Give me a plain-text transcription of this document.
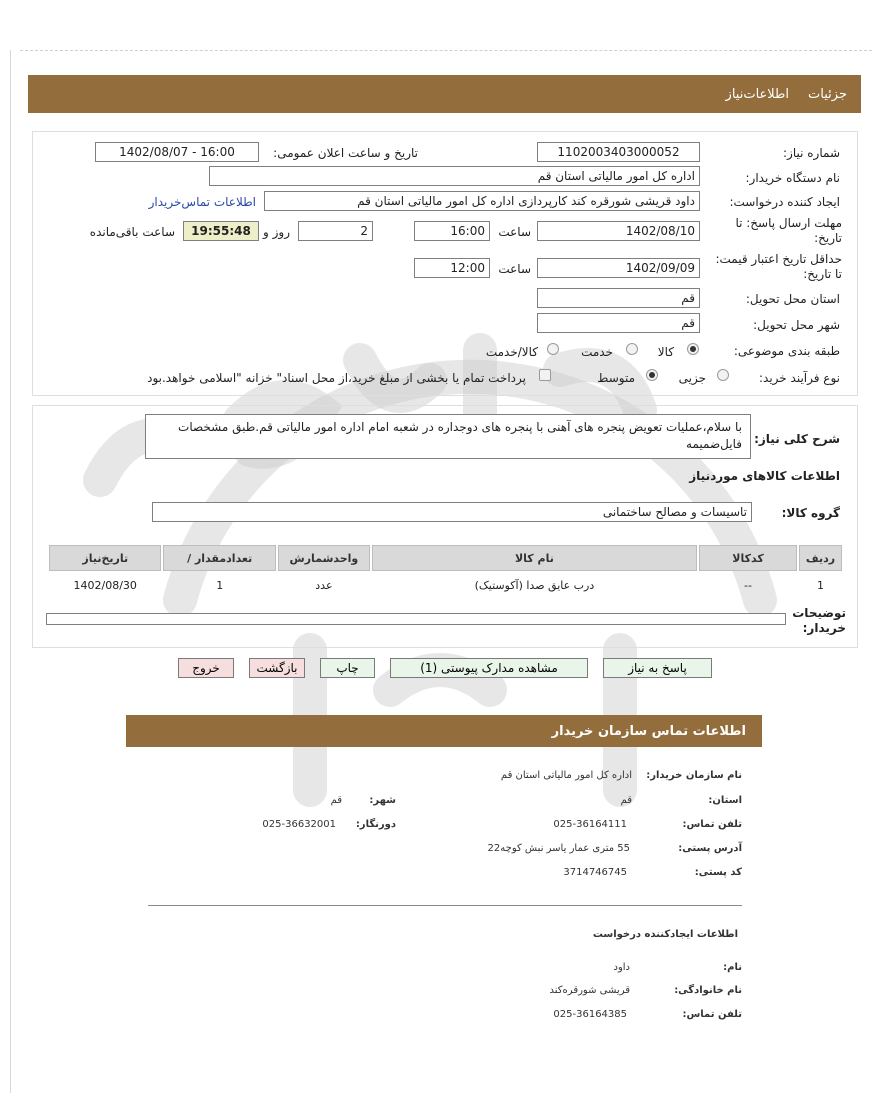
جزئیات
اطلاعات‌نیاز
شماره نیاز:
1102003403000052
تاریخ و ساعت اعلان عمومی:
1402/08/07 - 16:00
نام دستگاه خریدار:
اداره کل امور مالیاتی استان قم
ایجاد کننده درخواست:
داود قریشی شورقره کند کارپردازی اداره کل امور مالیاتی استان قم
اطلاعات تماس‌خریدار
مهلت ارسال پاسخ: تا تاریخ:
1402/08/10
ساعت
16:00
2
روز و
19:55:48
ساعت باقی‌مانده
حداقل تاریخ اعتبار قیمت: تا تاریخ:
1402/09/09
ساعت
12:00
استان محل تحویل:
قم
شهر محل تحویل:
قم
طبقه بندی موضوعی:
کالا
خدمت
کالا/خدمت
نوع فرآیند خرید:
جزیی
متوسط
پرداخت تمام یا بخشی از مبلغ خرید،از محل اسناد" خزانه "اسلامی خواهد.بود
شرح کلی نیاز:
با سلام،عملیات تعویض پنجره های آهنی با پنجره های دوجداره در شعبه امام اداره امور مالیاتی قم.طبق مشخصات فایل‌ضمیمه
اطلاعات کالاهای موردنیاز
گروه کالا:
تاسیسات و مصالح ساختمانی
ردیف	کدکالا	نام کالا	واحدشمارش	تعدادمقدار /	تاریخ‌نیاز
1	--	درب عایق صدا (آکوستیک)	عدد	1	1402/08/30
توضیحات خریدار:
پاسخ به نیاز
مشاهده مدارک پیوستی (1)
چاپ
بازگشت
خروج
اطلاعات تماس سازمان خریدار
نام سازمان خریدار:
اداره کل امور مالیاتی استان قم
استان:
قم
شهر:
قم
تلفن تماس:
025-36164111
دورنگار:
025-36632001
آدرس پستی:
55 متری عمار یاسر نبش کوچه22
کد پستی:
3714746745
اطلاعات ایجادکننده درخواست
نام:
داود
نام خانوادگی:
قریشی شورقره‌کند
تلفن تماس:
025-36164385
